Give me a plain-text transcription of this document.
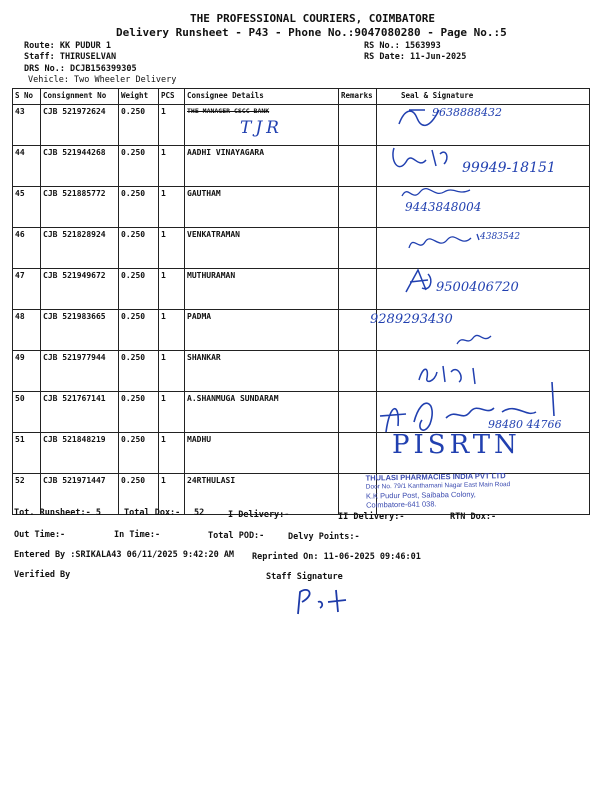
THE PROFESSIONAL COURIERS, COIMBATORE
Delivery Runsheet - P43 - Phone No.:9047080280 - Page No.:5
Route: KK PUDUR 1
Staff: THIRUSELVAN
DRS No.: DCJB156399305
Vehicle: Two Wheeler Delivery
RS No.: 1563993
RS Date: 11-Jun-2025
S No	Consignment No	Weight	PCS	Consignee Details	Remarks	Seal & Signature
43	CJB 521972624	0.250	1	THE MANAGER CSCC BANK		
44	CJB 521944268	0.250	1	AADHI VINAYAGARA		
45	CJB 521885772	0.250	1	GAUTHAM		
46	CJB 521828924	0.250	1	VENKATRAMAN		
47	CJB 521949672	0.250	1	MUTHURAMAN		
48	CJB 521983665	0.250	1	PADMA		
49	CJB 521977944	0.250	1	SHANKAR		
50	CJB 521767141	0.250	1	A.SHANMUGA SUNDARAM		
51	CJB 521848219	0.250	1	MADHU		
52	CJB 521971447	0.250	1	24RTHULASI		
TJR
9638888432
99949-18151
9443848004
4383542
9500406720
9289293430
98480 44766
PISRTN
THULASI PHARMACIES INDIA PVT LTD
Door No. 79/1 Kanthamani Nagar East Main Road
K.K Pudur Post, Saibaba Colony,
Coimbatore-641 038.
Tot. Runsheet:- 5	Total Dox:- 52	I Delivery:-	II Delivery:-	RTN Dox:-
Out Time:-	In Time:-	Total POD:-	Delvy Points:-
Entered By :SRIKALA43 06/11/2025 9:42:20 AM Reprinted On: 11-06-2025 09:46:01
Verified By	Staff Signature
